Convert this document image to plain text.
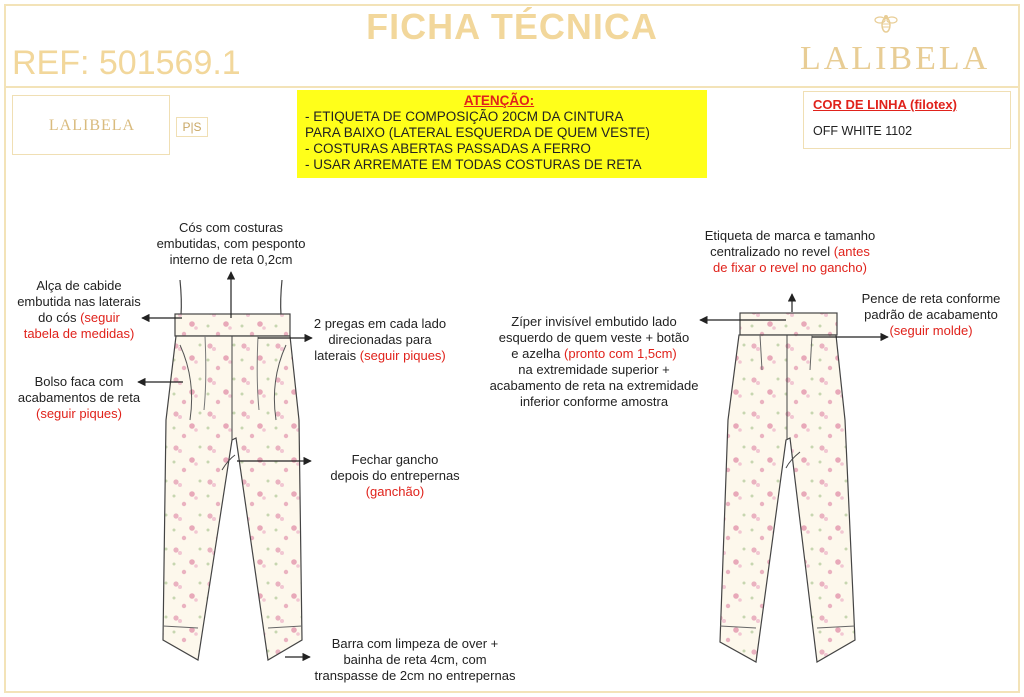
FICHA TÉCNICA
REF: 501569.1	LALIBELA
LALIBELA	P|S
ATENÇÃO:
- ETIQUETA DE COMPOSIÇÃO 20CM DA CINTURA
PARA BAIXO (LATERAL ESQUERDA DE QUEM VESTE)
- COSTURAS ABERTAS PASSADAS A FERRO
- USAR ARREMATE EM TODAS COSTURAS DE RETA
COR DE LINHA (filotex)
OFF WHITE 1102
Cós com costuras
embutidas, com pesponto
interno de reta 0,2cm
Alça de cabide
embutida nas laterais
do cós (seguir
tabela de medidas)
2 pregas em cada lado
direcionadas para
laterais (seguir piques)
Bolso faca com
acabamentos de reta
(seguir piques)
Fechar gancho
depois do entrepernas
(ganchão)
Barra com limpeza de over +
bainha de reta 4cm, com
transpasse de 2cm no entrepernas
Etiqueta de marca e tamanho
centralizado no revel (antes
de fixar o revel no gancho)
Pence de reta conforme
padrão de acabamento
(seguir molde)
Zíper invisível embutido lado
esquerdo de quem veste + botão
e azelha (pronto com 1,5cm)
na extremidade superior +
acabamento de reta na extremidade
inferior conforme amostra
